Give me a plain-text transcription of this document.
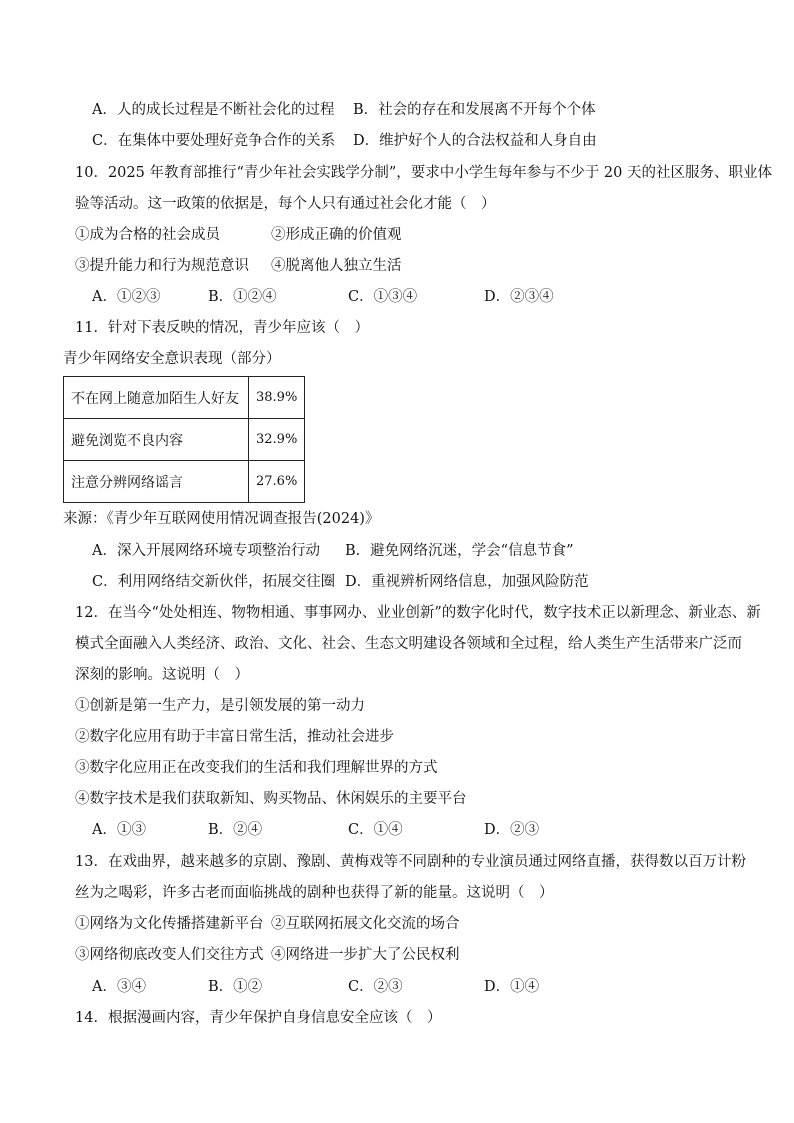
A．人的成长过程是不断社会化的过程 B．社会的存在和发展离不开每个个体
C．在集体中要处理好竞争合作的关系 D．维护好个人的合法权益和人身自由
10．2025 年教育部推行“青少年社会实践学分制”，要求中小学生每年参与不少于 20 天的社区服务、职业体
验等活动。这一政策的依据是，每个人只有通过社会化才能（　）
①成为合格的社会成员	②形成正确的价值观
③提升能力和行为规范意识 ④脱离他人独立生活
A．①②③	B．①②④	C．①③④	D．②③④
11．针对下表反映的情况，青少年应该（　）
青少年网络安全意识表现（部分）
不在网上随意加陌生人好友	38.9%
避免浏览不良内容	32.9%
注意分辨网络谣言	27.6%
来源：《青少年互联网使用情况调查报告(2024)》
A．深入开展网络环境专项整治行动 B．避免网络沉迷，学会“信息节食”
C．利用网络结交新伙伴，拓展交往圈 D．重视辨析网络信息，加强风险防范
12．在当今“处处相连、物物相通、事事网办、业业创新”的数字化时代，数字技术正以新理念、新业态、新
模式全面融入人类经济、政治、文化、社会、生态文明建设各领域和全过程，给人类生产生活带来广泛而
深刻的影响。这说明（　）
①创新是第一生产力，是引领发展的第一动力
②数字化应用有助于丰富日常生活，推动社会进步
③数字化应用正在改变我们的生活和我们理解世界的方式
④数字技术是我们获取新知、购买物品、休闲娱乐的主要平台
A．①③	B．②④	C．①④	D．②③
13．在戏曲界，越来越多的京剧、豫剧、黄梅戏等不同剧种的专业演员通过网络直播，获得数以百万计粉
丝为之喝彩，许多古老而面临挑战的剧种也获得了新的能量。这说明（　）
①网络为文化传播搭建新平台 ②互联网拓展文化交流的场合
③网络彻底改变人们交往方式 ④网络进一步扩大了公民权利
A．③④	B．①②	C．②③	D．①④
14．根据漫画内容，青少年保护自身信息安全应该（　）
